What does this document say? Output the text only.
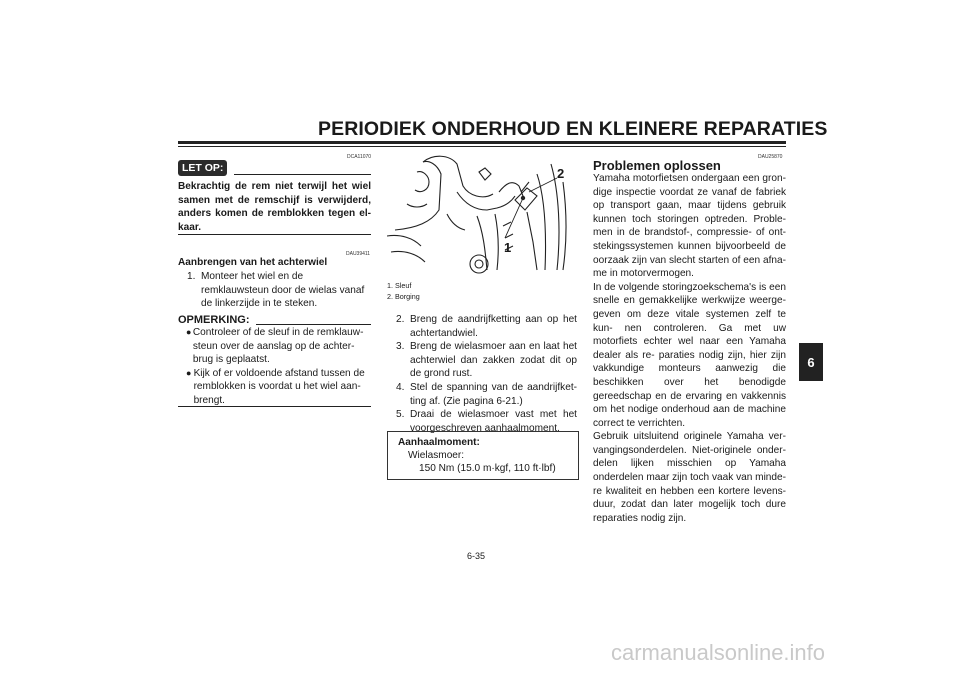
PERIODIEK ONDERHOUD EN KLEINERE REPARATIES
DCA11070
LET OP:
Bekrachtig de rem niet terwijl het wiel samen met de remschijf is verwijderd, anders komen de remblokken tegen el- kaar.
DAU39411
Aanbrengen van het achterwiel
1. Monteer het wiel en de remklauwsteun door de wielas vanaf de linkerzijde in te steken.
OPMERKING:
● Controleer of de sleuf in de remklauw- steun over de aanslag op de achter- brug is geplaatst.
● Kijk of er voldoende afstand tussen de remblokken is voordat u het wiel aan- brengt.
1
2
1. Sleuf
2. Borging
2. Breng de aandrijfketting aan op het achtertandwiel.
3. Breng de wielasmoer aan en laat het achterwiel dan zakken zodat dit op de grond rust.
4. Stel de spanning van de aandrijfket- ting af. (Zie pagina 6-21.)
5. Draai de wielasmoer vast met het voorgeschreven aanhaalmoment.
Aanhaalmoment:
Wielasmoer:
150 Nm (15.0 m·kgf, 110 ft·lbf)
DAU25870
Problemen oplossen

Yamaha motorfietsen ondergaan een gron- dige inspectie voordat ze vanaf de fabriek op transport gaan, maar tijdens gebruik kunnen toch storingen optreden. Proble- men in de brandstof-, compressie- of ont- stekingssystemen kunnen bijvoorbeeld de oorzaak zijn van slecht starten of een afna- me in motorvermogen.

In de volgende storingzoekschema's is een snelle en gemakkelijke werkwijze weerge- geven om deze vitale systemen zelf te kun- nen controleren. Ga met uw motorfiets echter wel naar een Yamaha dealer als re- paraties nodig zijn, hier zijn vakkundige monteurs aanwezig die beschikken over het benodigde gereedschap en de ervaring en vakkennis om het nodige onderhoud aan de machine correct te verrichten.

Gebruik uitsluitend originele Yamaha ver- vangingsonderdelen. Niet-originele onder- delen lijken misschien op Yamaha onderdelen maar zijn toch vaak van minde- re kwaliteit en hebben een kortere levens- duur, zodat dan later mogelijk toch dure reparaties nodig zijn.

6
6-35
carmanualsonline.info
